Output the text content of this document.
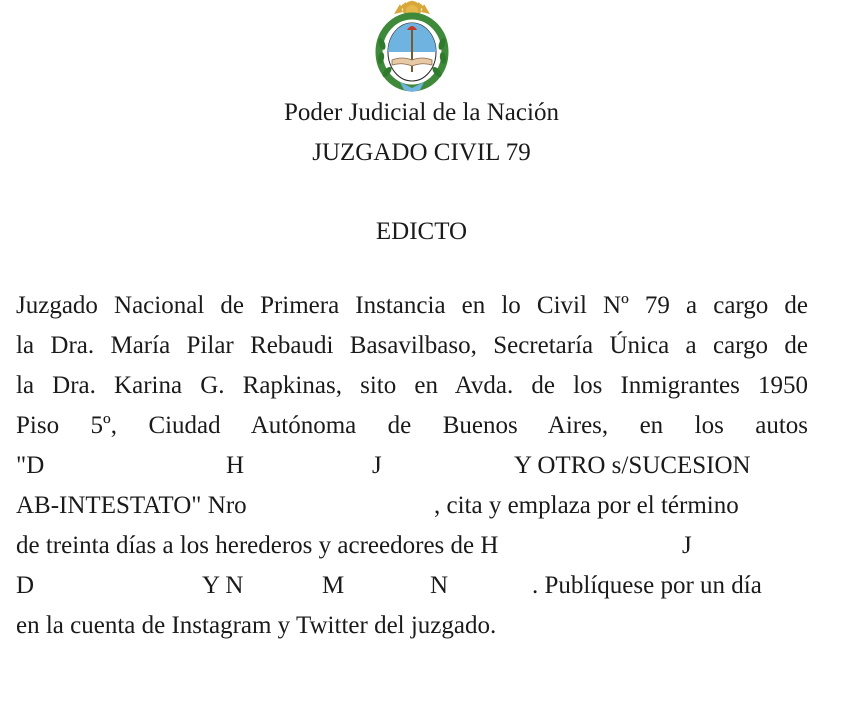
Poder Judicial de la Nación
JUZGADO CIVIL 79
EDICTO
Juzgado Nacional de Primera Instancia en lo Civil Nº 79 a cargo de
la Dra. María Pilar Rebaudi Basavilbaso, Secretaría Única a cargo de
la Dra. Karina G. Rapkinas, sito en Avda. de los Inmigrantes 1950
Piso 5º, Ciudad Autónoma de Buenos Aires, en los autos
"D	H	J	Y OTRO s/SUCESION
AB-INTESTATO" Nro	, cita y emplaza por el término
de treinta días a los herederos y acreedores de H	J
D	Y N	M	N	. Publíquese por un día
en la cuenta de Instagram y Twitter del juzgado.
